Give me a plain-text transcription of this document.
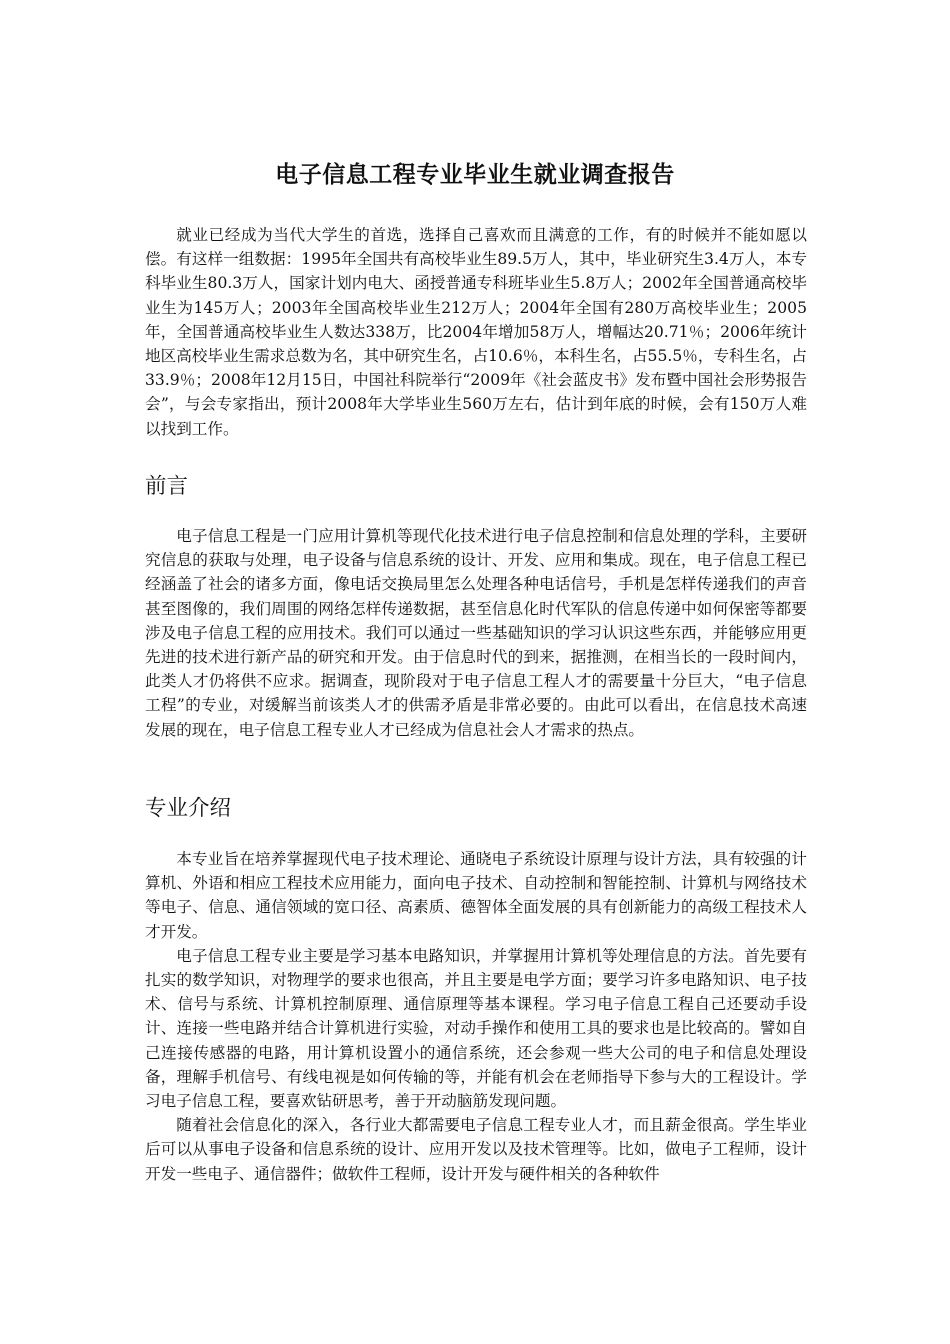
电子信息工程专业毕业生就业调查报告

就业已经成为当代大学生的首选，选择自己喜欢而且满意的工作，有的时候并不能如愿以偿。有这样一组数据：1995年全国共有高校毕业生89.5万人，其中，毕业研究生3.4万人，本专科毕业生80.3万人，国家计划内电大、函授普通专科班毕业生5.8万人；2002年全国普通高校毕业生为145万人；2003年全国高校毕业生212万人；2004年全国有280万高校毕业生；2005年，全国普通高校毕业生人数达338万，比2004年增加58万人，增幅达20.71％；2006年统计地区高校毕业生需求总数为名，其中研究生名，占10.6％，本科生名，占55.5％，专科生名，占33.9％；2008年12月15日，中国社科院举行“2009年《社会蓝皮书》发布暨中国社会形势报告会”，与会专家指出，预计2008年大学毕业生560万左右，估计到年底的时候，会有150万人难以找到工作。

前言

电子信息工程是一门应用计算机等现代化技术进行电子信息控制和信息处理的学科，主要研究信息的获取与处理，电子设备与信息系统的设计、开发、应用和集成。现在，电子信息工程已经涵盖了社会的诸多方面，像电话交换局里怎么处理各种电话信号，手机是怎样传递我们的声音甚至图像的，我们周围的网络怎样传递数据，甚至信息化时代军队的信息传递中如何保密等都要涉及电子信息工程的应用技术。我们可以通过一些基础知识的学习认识这些东西，并能够应用更先进的技术进行新产品的研究和开发。由于信息时代的到来，据推测，在相当长的一段时间内，此类人才仍将供不应求。据调查，现阶段对于电子信息工程人才的需要量十分巨大，“电子信息工程”的专业，对缓解当前该类人才的供需矛盾是非常必要的。由此可以看出，在信息技术高速发展的现在，电子信息工程专业人才已经成为信息社会人才需求的热点。

专业介绍

本专业旨在培养掌握现代电子技术理论、通晓电子系统设计原理与设计方法，具有较强的计算机、外语和相应工程技术应用能力，面向电子技术、自动控制和智能控制、计算机与网络技术等电子、信息、通信领域的宽口径、高素质、德智体全面发展的具有创新能力的高级工程技术人才开发。

电子信息工程专业主要是学习基本电路知识，并掌握用计算机等处理信息的方法。首先要有扎实的数学知识，对物理学的要求也很高，并且主要是电学方面；要学习许多电路知识、电子技术、信号与系统、计算机控制原理、通信原理等基本课程。学习电子信息工程自己还要动手设计、连接一些电路并结合计算机进行实验，对动手操作和使用工具的要求也是比较高的。譬如自己连接传感器的电路，用计算机设置小的通信系统，还会参观一些大公司的电子和信息处理设备，理解手机信号、有线电视是如何传输的等，并能有机会在老师指导下参与大的工程设计。学习电子信息工程，要喜欢钻研思考，善于开动脑筋发现问题。

随着社会信息化的深入，各行业大都需要电子信息工程专业人才，而且薪金很高。学生毕业后可以从事电子设备和信息系统的设计、应用开发以及技术管理等。比如，做电子工程师，设计开发一些电子、通信器件；做软件工程师，设计开发与硬件相关的各种软件
